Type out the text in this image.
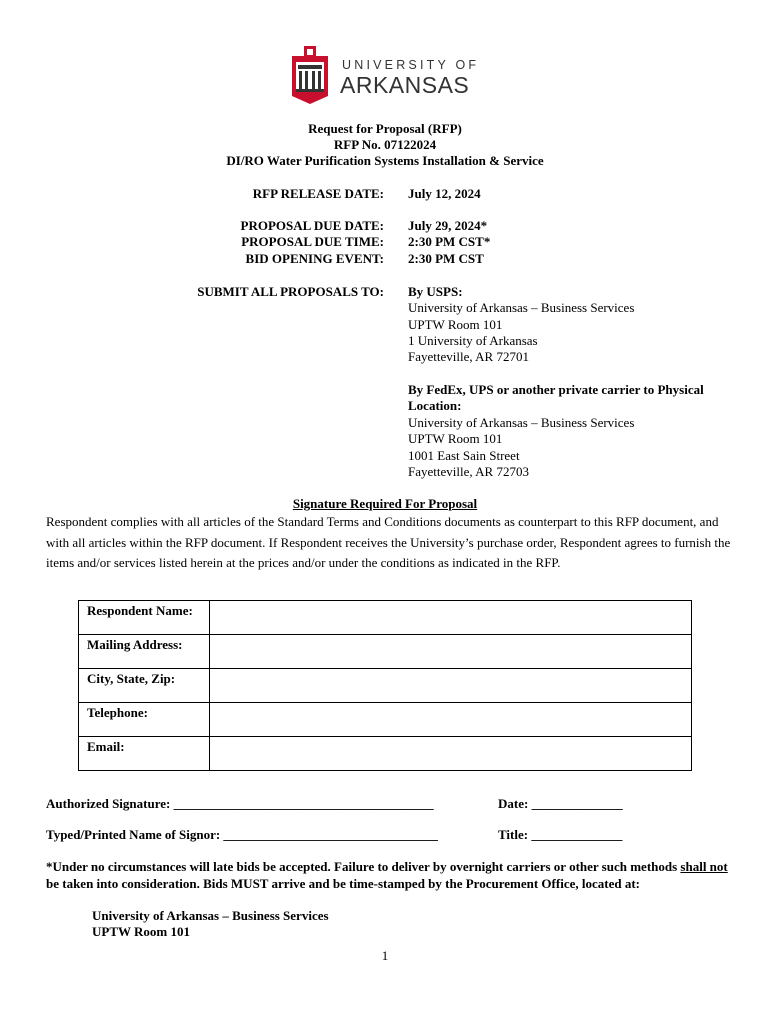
UNIVERSITY OF
ARKANSAS
Request for Proposal (RFP)
RFP No. 07122024
DI/RO Water Purification Systems Installation & Service
RFP RELEASE DATE: July 12, 2024
PROPOSAL DUE DATE: July 29, 2024*
PROPOSAL DUE TIME: 2:30 PM CST*
BID OPENING EVENT: 2:30 PM CST
SUBMIT ALL PROPOSALS TO: By USPS:
University of Arkansas – Business Services
UPTW Room 101
1 University of Arkansas
Fayetteville, AR 72701
By FedEx, UPS or another private carrier to Physical
Location:
University of Arkansas – Business Services
UPTW Room 101
1001 East Sain Street
Fayetteville, AR 72703
Signature Required For Proposal
Respondent complies with all articles of the Standard Terms and Conditions documents as counterpart to this RFP document, and with all articles within the RFP document. If Respondent receives the University’s purchase order, Respondent agrees to furnish the items and/or services listed herein at the prices and/or under the conditions as indicated in the RFP.
Respondent Name:	
Mailing Address:	
City, State, Zip:	
Telephone:	
Email:	
Authorized Signature: ________________________________________	Date: ______________
Typed/Printed Name of Signor: _________________________________	Title: ______________
*Under no circumstances will late bids be accepted. Failure to deliver by overnight carriers or other such methods shall not be taken into consideration. Bids MUST arrive and be time-stamped by the Procurement Office, located at:
University of Arkansas – Business Services
UPTW Room 101
1
